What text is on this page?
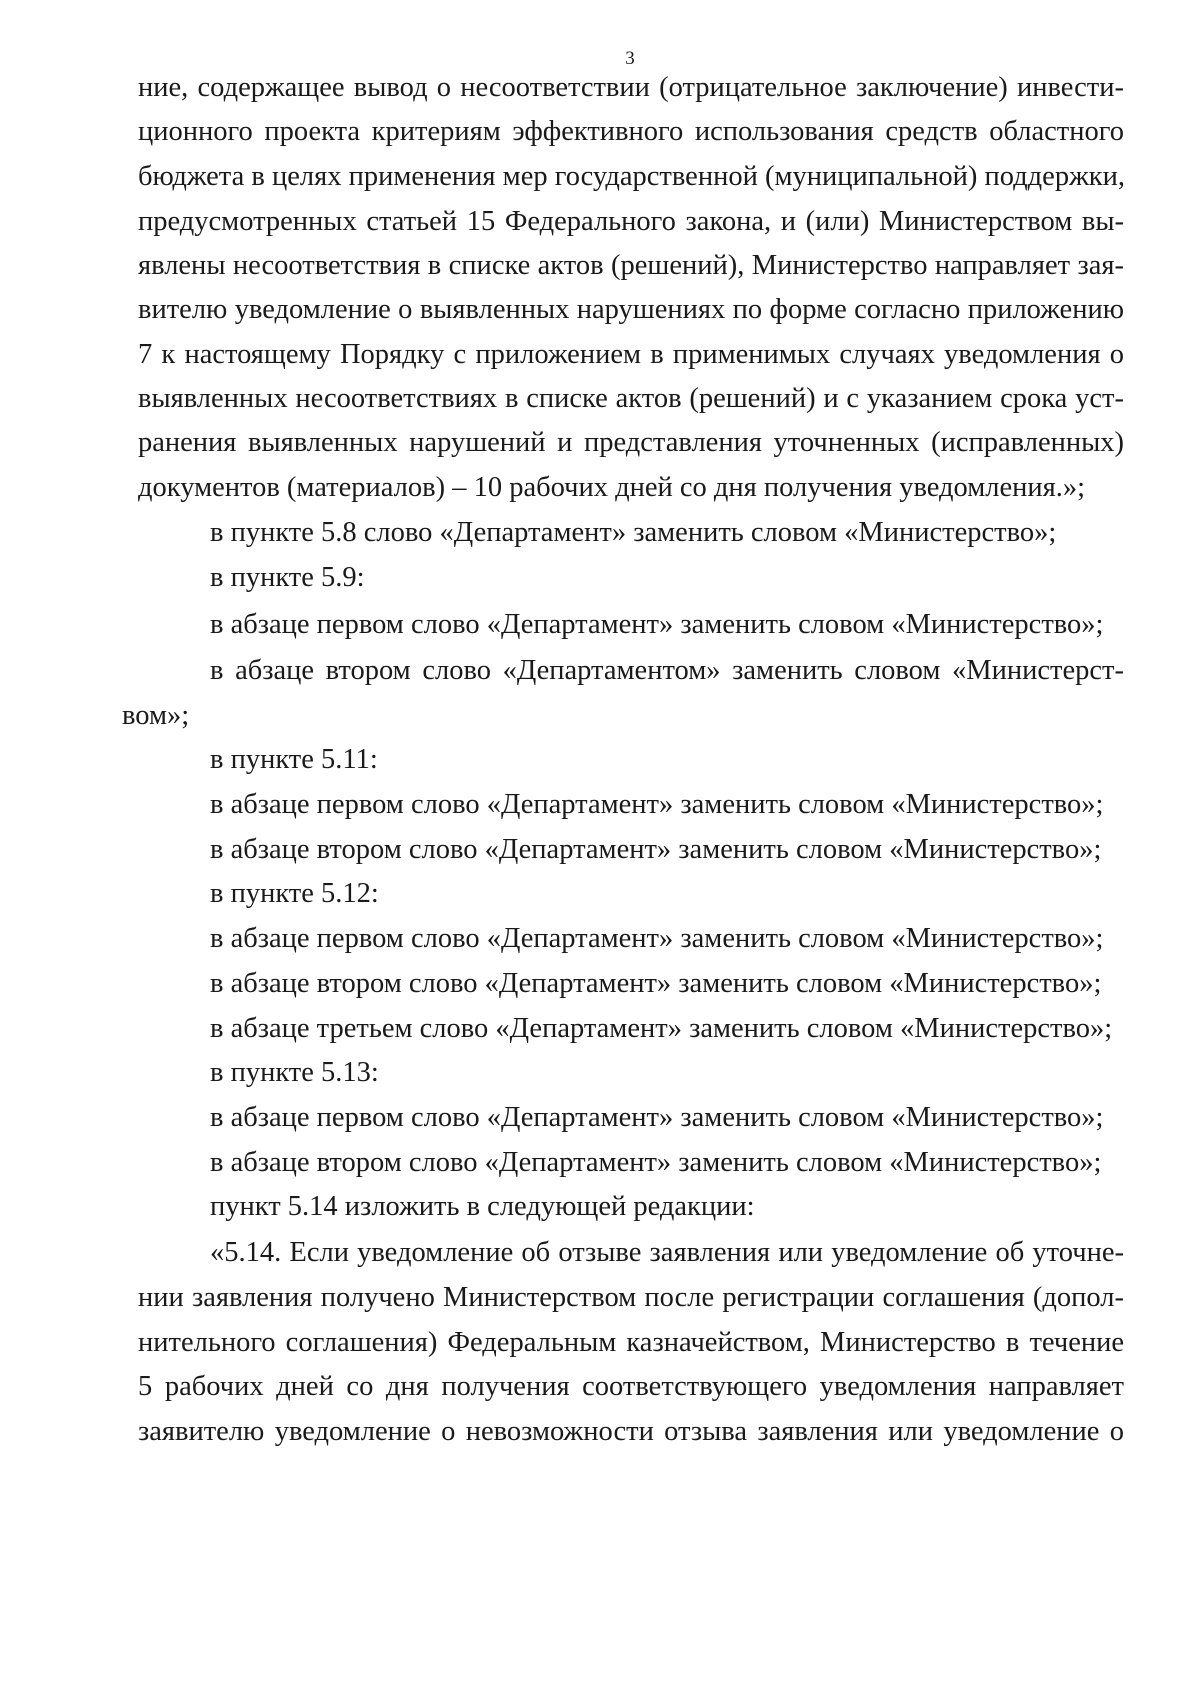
3
ние, содержащее вывод о несоответствии (отрицательное заключение) инвести-
ционного проекта критериям эффективного использования средств областного
бюджета в целях применения мер государственной (муниципальной) поддержки,
предусмотренных статьей 15 Федерального закона, и (или) Министерством вы-
явлены несоответствия в списке актов (решений), Министерство направляет зая-
вителю уведомление о выявленных нарушениях по форме согласно приложению
7 к настоящему Порядку с приложением в применимых случаях уведомления о
выявленных несоответствиях в списке актов (решений) и с указанием срока уст-
ранения выявленных нарушений и представления уточненных (исправленных)
документов (материалов) – 10 рабочих дней со дня получения уведомления.»;
в пункте 5.8 слово «Департамент» заменить словом «Министерство»;
в пункте 5.9:
в абзаце первом слово «Департамент» заменить словом «Министерство»;
в абзаце втором слово «Департаментом» заменить словом «Министерст-
вом»;
в пункте 5.11:
в абзаце первом слово «Департамент» заменить словом «Министерство»;
в абзаце втором слово «Департамент» заменить словом «Министерство»;
в пункте 5.12:
в абзаце первом слово «Департамент» заменить словом «Министерство»;
в абзаце втором слово «Департамент» заменить словом «Министерство»;
в абзаце третьем слово «Департамент» заменить словом «Министерство»;
в пункте 5.13:
в абзаце первом слово «Департамент» заменить словом «Министерство»;
в абзаце втором слово «Департамент» заменить словом «Министерство»;
пункт 5.14 изложить в следующей редакции:
«5.14. Если уведомление об отзыве заявления или уведомление об уточне-
нии заявления получено Министерством после регистрации соглашения (допол-
нительного соглашения) Федеральным казначейством, Министерство в течение
5 рабочих дней со дня получения соответствующего уведомления направляет
заявителю уведомление о невозможности отзыва заявления или уведомление о
